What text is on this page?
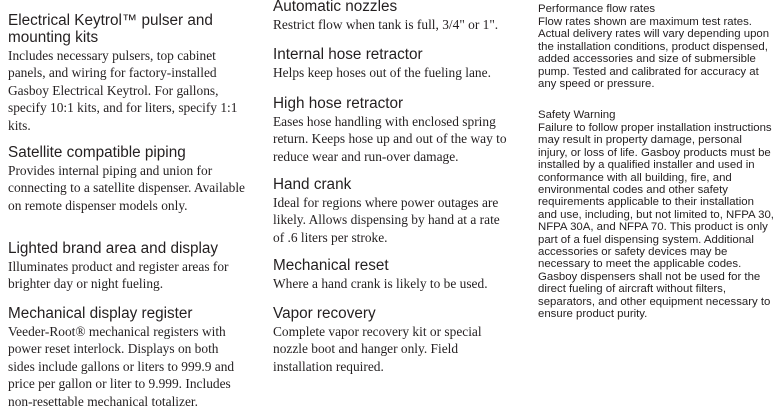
Electrical Keytrol™ pulser and mounting kits

Includes necessary pulsers, top cabinet panels, and wiring for factory-installed Gasboy Electrical Keytrol. For gallons, specify 10:1 kits, and for liters, specify 1:1 kits.

Satellite compatible piping

Provides internal piping and union for connecting to a satellite dispenser. Available on remote dispenser models only.

Lighted brand area and display

Illuminates product and register areas for brighter day or night fueling.

Mechanical display register

Veeder-Root® mechanical registers with power reset interlock. Displays on both sides include gallons or liters to 999.9 and price per gallon or liter to 9.999. Includes non-resettable mechanical totalizer.

Automatic nozzles

Restrict flow when tank is full, 3/4" or 1".

Internal hose retractor

Helps keep hoses out of the fueling lane.

High hose retractor

Eases hose handling with enclosed spring return. Keeps hose up and out of the way to reduce wear and run-over damage.

Hand crank

Ideal for regions where power outages are likely. Allows dispensing by hand at a rate of .6 liters per stroke.

Mechanical reset

Where a hand crank is likely to be used.

Vapor recovery

Complete vapor recovery kit or special nozzle boot and hanger only. Field installation required.

Performance flow rates

Flow rates shown are maximum test rates. Actual delivery rates will vary depending upon the installation conditions, product dispensed, added accessories and size of submersible pump. Tested and calibrated for accuracy at any speed or pressure.

Safety Warning

Failure to follow proper installation instructions may result in property damage, personal injury, or loss of life. Gasboy products must be installed by a qualified installer and used in conformance with all building, fire, and environmental codes and other safety requirements applicable to their installation and use, including, but not limited to, NFPA 30, NFPA 30A, and NFPA 70. This product is only part of a fuel dispensing system. Additional accessories or safety devices may be necessary to meet the applicable codes. Gasboy dispensers shall not be used for the direct fueling of aircraft without filters, separators, and other equipment necessary to ensure product purity.
